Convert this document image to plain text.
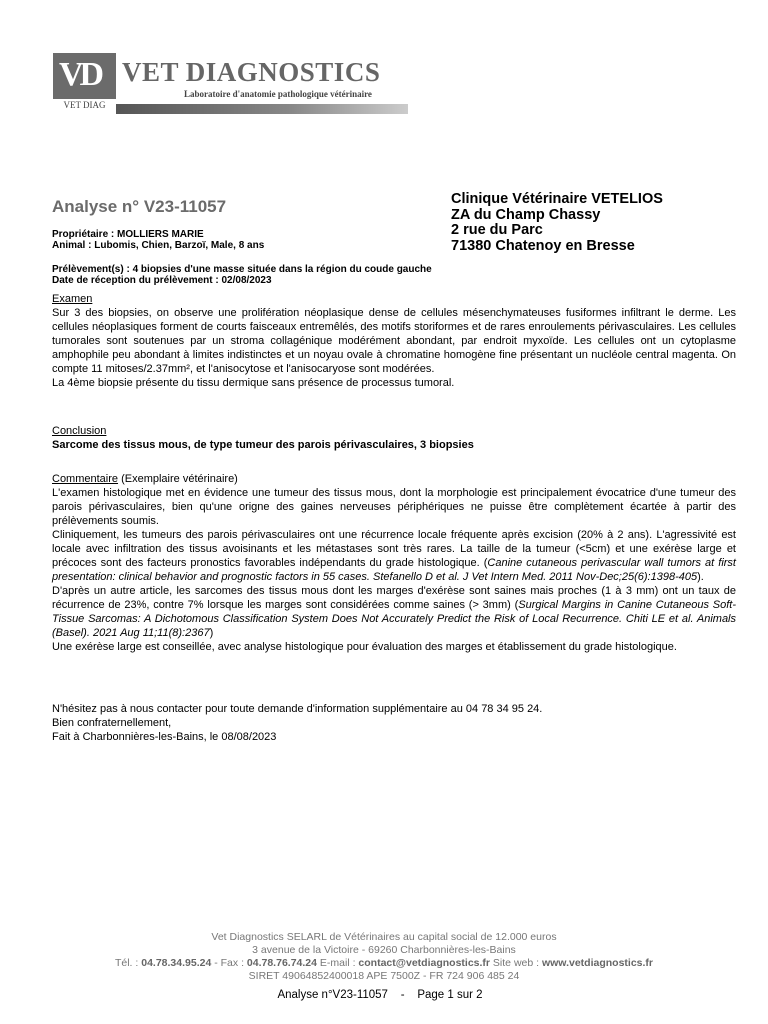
VD
VET DIAG
VET DIAGNOSTICS
Laboratoire d'anatomie pathologique vétérinaire
Analyse n° V23-11057	Clinique Vétérinaire VETELIOS
ZA du Champ Chassy
2 rue du Parc
71380 Chatenoy en Bresse
Propriétaire : MOLLIERS MARIE
Animal : Lubomis, Chien, Barzoï, Male, 8 ans
Prélèvement(s) : 4 biopsies d'une masse située dans la région du coude gauche
Date de réception du prélèvement : 02/08/2023
Examen
Sur 3 des biopsies, on observe une prolifération néoplasique dense de cellules mésenchymateuses fusiformes infiltrant le derme. Les cellules néoplasiques forment de courts faisceaux entremêlés, des motifs storiformes et de rares enroulements périvasculaires. Les cellules tumorales sont soutenues par un stroma collagénique modérément abondant, par endroit myxoïde. Les cellules ont un cytoplasme amphophile peu abondant à limites indistinctes et un noyau ovale à chromatine homogène fine présentant un nucléole central magenta. On compte 11 mitoses/2.37mm², et l'anisocytose et l'anisocaryose sont modérées.
La 4ème biopsie présente du tissu dermique sans présence de processus tumoral.
Conclusion
Sarcome des tissus mous, de type tumeur des parois périvasculaires, 3 biopsies
Commentaire (Exemplaire vétérinaire)
L'examen histologique met en évidence une tumeur des tissus mous, dont la morphologie est principalement évocatrice d'une tumeur des parois périvasculaires, bien qu'une origne des gaines nerveuses périphériques ne puisse être complètement écartée à partir des prélèvements soumis.
Cliniquement, les tumeurs des parois périvasculaires ont une récurrence locale fréquente après excision (20% à 2 ans). L'agressivité est locale avec infiltration des tissus avoisinants et les métastases sont très rares. La taille de la tumeur (<5cm) et une exérèse large et précoces sont des facteurs pronostics favorables indépendants du grade histologique. (Canine cutaneous perivascular wall tumors at first presentation: clinical behavior and prognostic factors in 55 cases. Stefanello D et al. J Vet Intern Med. 2011 Nov-Dec;25(6):1398-405).
D'après un autre article, les sarcomes des tissus mous dont les marges d'exérèse sont saines mais proches (1 à 3 mm) ont un taux de récurrence de 23%, contre 7% lorsque les marges sont considérées comme saines (> 3mm) (Surgical Margins in Canine Cutaneous Soft-Tissue Sarcomas: A Dichotomous Classification System Does Not Accurately Predict the Risk of Local Recurrence. Chiti LE et al. Animals (Basel). 2021 Aug 11;11(8):2367)
Une exérèse large est conseillée, avec analyse histologique pour évaluation des marges et établissement du grade histologique.
N'hésitez pas à nous contacter pour toute demande d'information supplémentaire au 04 78 34 95 24.
Bien confraternellement,
Fait à Charbonnières-les-Bains, le 08/08/2023
Vet Diagnostics SELARL de Vétérinaires au capital social de 12.000 euros
3 avenue de la Victoire - 69260 Charbonnières-les-Bains
Tél. : 04.78.34.95.24 - Fax : 04.78.76.74.24 E-mail : contact@vetdiagnostics.fr Site web : www.vetdiagnostics.fr
SIRET 49064852400018 APE 7500Z - FR 724 906 485 24
Analyse n°V23-11057    -    Page 1 sur 2
